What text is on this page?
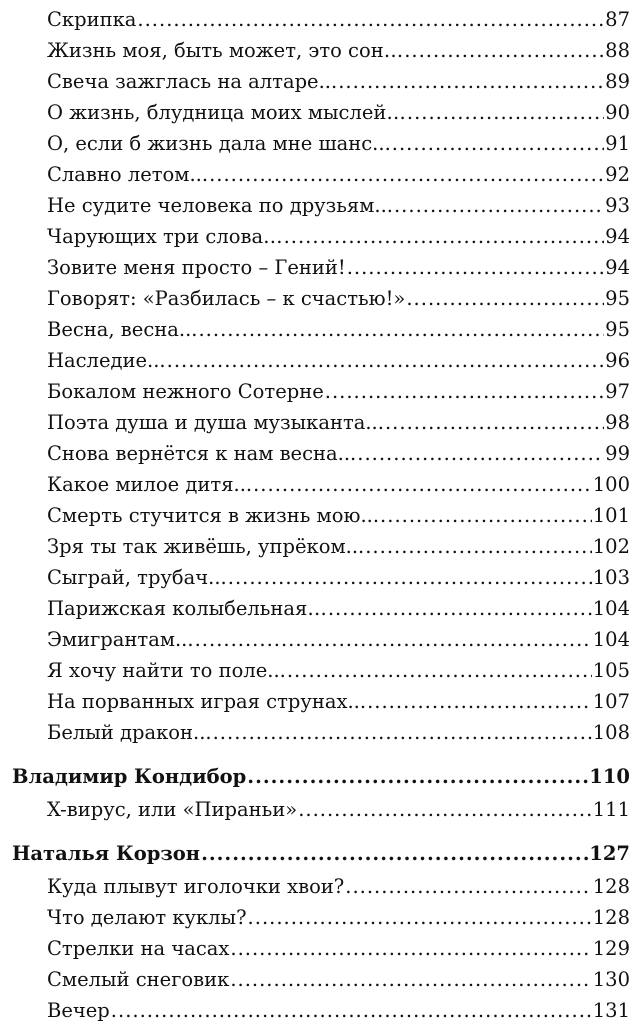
Скрипка .....	87
Жизнь моя, быть может, это сон… .....	88
Свеча зажглась на алтаре... .....	89
О жизнь, блудница моих мыслей… .....	90
О, если б жизнь дала мне шанс... .....	91
Славно летом... .....	92
Не судите человека по друзьям... .....	93
Чарующих три слова… .....	94
Зовите меня просто – Гений! .....	94
Говорят: «Разбилась – к счастью!» .....	95
Весна, весна... .....	95
Наследие... .....	96
Бокалом нежного Сотерне .....	97
Поэта душа и душа музыканта... .....	98
Снова вернётся к нам весна... .....	99
Какое милое дитя... .....	100
Смерть стучится в жизнь мою... .....	101
Зря ты так живёшь, упрёком... .....	102
Сыграй, трубач... .....	103
Парижская колыбельная… .....	104
Эмигрантам... .....	104
Я хочу найти то поле... .....	105
На порванных играя струнах... .....	107
Белый дракон... .....	108
Владимир Кондибор .....	110
X-вирус, или «Пираньи» .....	111
Наталья Корзон .....	127
Куда плывут иголочки хвои? .....	128
Что делают куклы? .....	128
Стрелки на часах .....	129
Смелый снеговик .....	130
Вечер .....	131
